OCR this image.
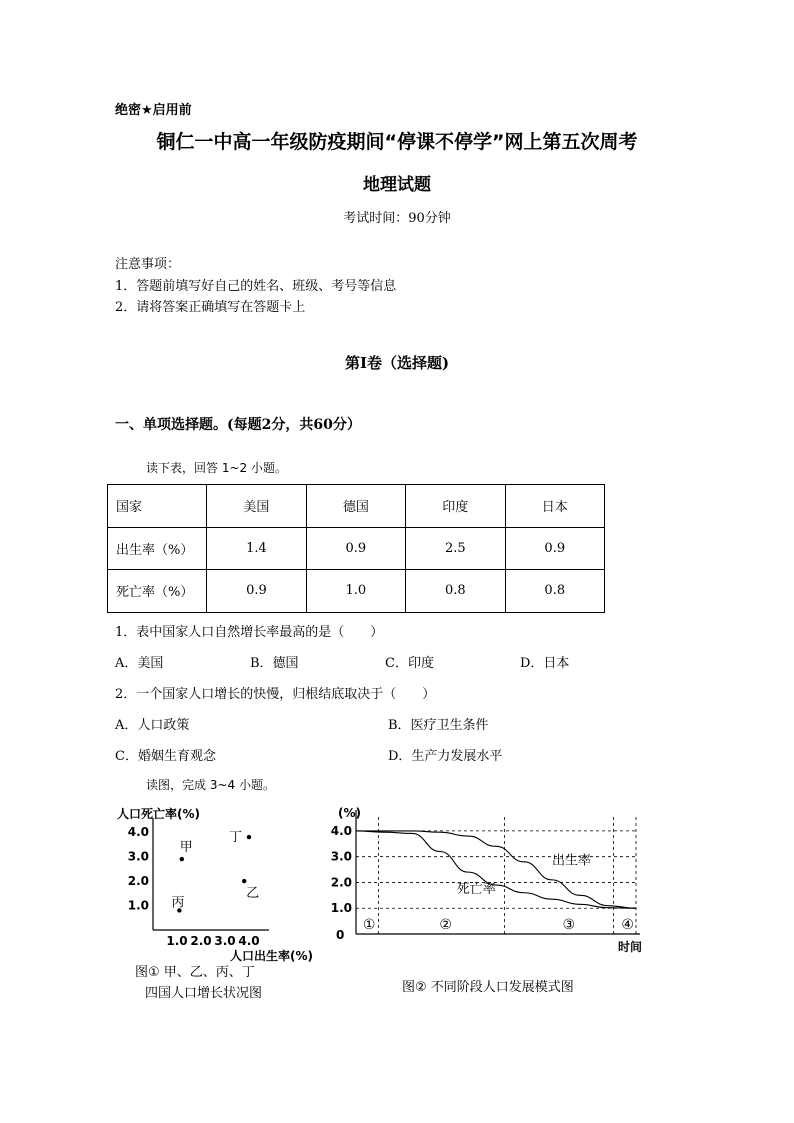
绝密★启用前
铜仁一中高一年级防疫期间“停课不停学”网上第五次周考
地理试题
考试时间：90分钟
注意事项：
1．答题前填写好自己的姓名、班级、考号等信息
2．请将答案正确填写在答题卡上
第I卷（选择题)
一、单项选择题。(每题2分，共60分）
读下表，回答 1~2 小题。
国家	美国	德国	印度	日本
出生率（%）	1.4	0.9	2.5	0.9
死亡率（%）	0.9	1.0	0.8	0.8
1．表中国家人口自然增长率最高的是（　　）
A．美国	B．德国	C．印度	D．日本
2．一个国家人口增长的快慢，归根结底取决于（　　）
A．人口政策	B．医疗卫生条件
C．婚姻生育观念	D．生产力发展水平
读图，完成 3~4 小题。
1.0
2.0
3.0
4.0
1.0 2.0 3.0 4.0
甲
乙
丙
丁
人口死亡率(%)
人口出生率(%)
图① 甲、乙、丙、丁
四国人口增长状况图
0
1.0
2.0
3.0
4.0
①	②	③	④
出生率
死亡率
(%)
时间
图② 不同阶段人口发展模式图
